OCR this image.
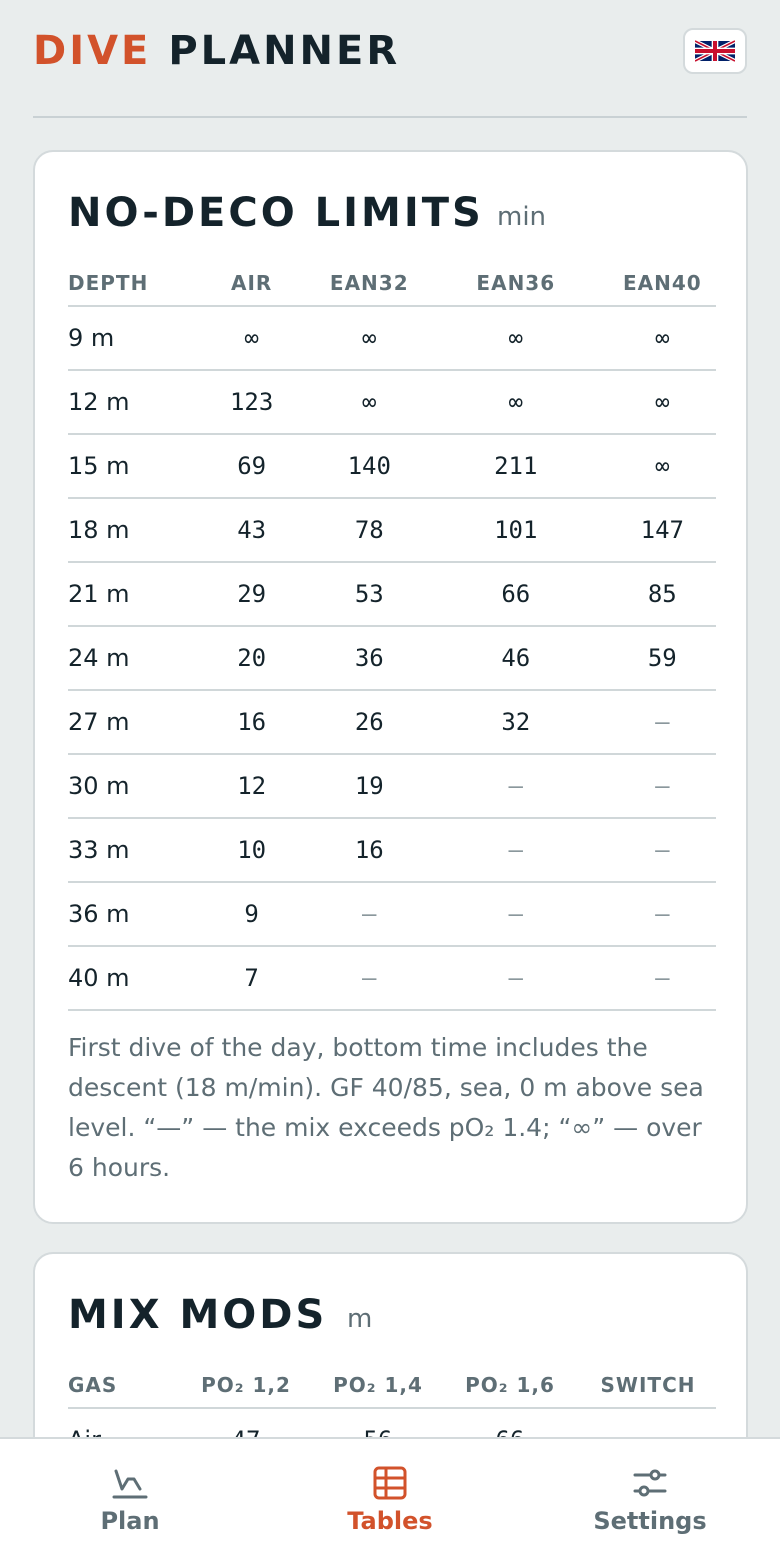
DIVE PLANNER
NO-DECO LIMITS min
DEPTH	AIR	EAN32	EAN36	EAN40
9 m	∞	∞	∞	∞
12 m	123	∞	∞	∞
15 m	69	140	211	∞
18 m	43	78	101	147
21 m	29	53	66	85
24 m	20	36	46	59
27 m	16	26	32	—
30 m	12	19	—	—
33 m	10	16	—	—
36 m	9	—	—	—
40 m	7	—	—	—
First dive of the day, bottom time includes the descent (18 m/min). GF 40/85, sea, 0 m above sea level. “—” — the mix exceeds pO₂ 1.4; “∞” — over 6 hours.
MIX MODS m
GAS	PO₂ 1,2	PO₂ 1,4	PO₂ 1,6	SWITCH

Plan	Tables	Settings
